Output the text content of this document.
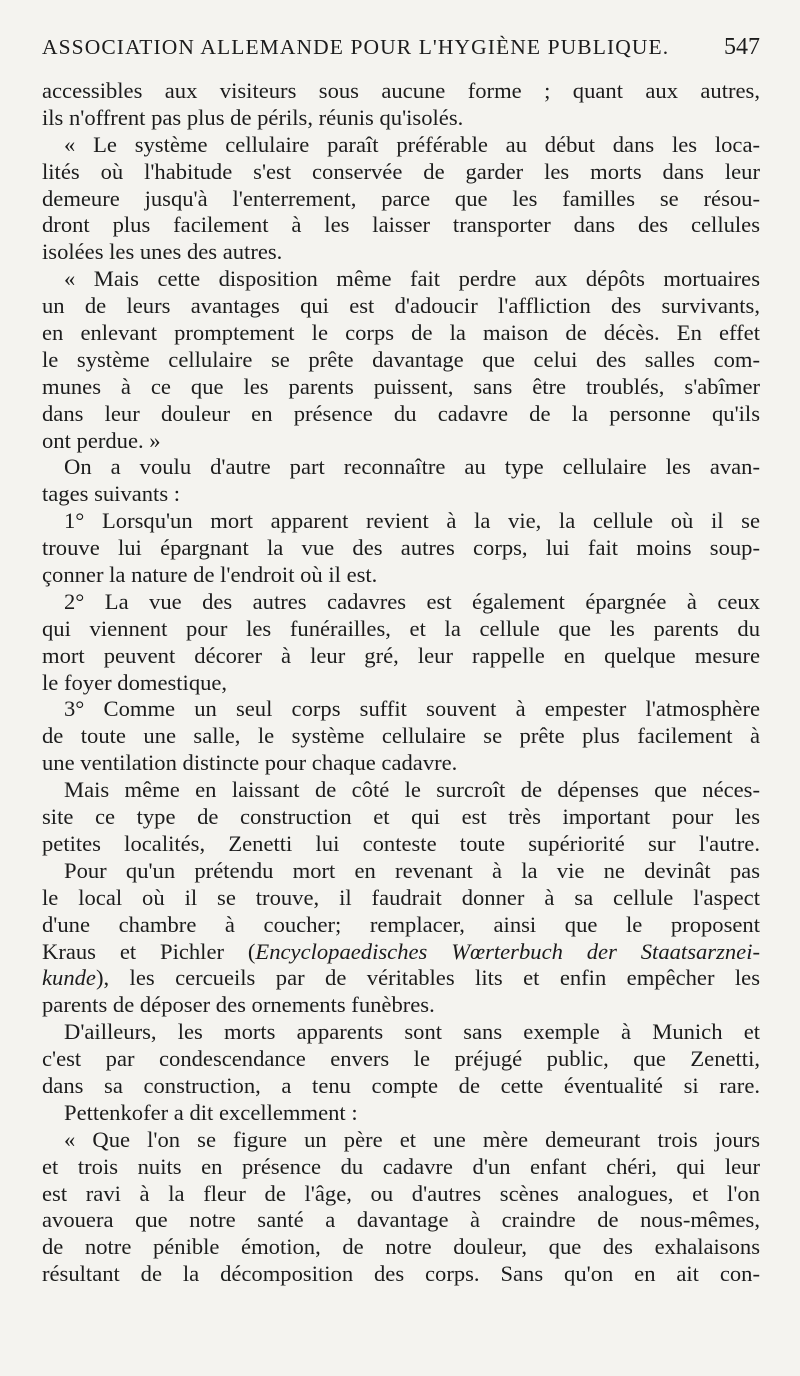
ASSOCIATION ALLEMANDE POUR L'HYGIÈNE PUBLIQUE. 547
accessibles aux visiteurs sous aucune forme ; quant aux autres,
ils n'offrent pas plus de périls, réunis qu'isolés.
« Le système cellulaire paraît préférable au début dans les loca-
lités où l'habitude s'est conservée de garder les morts dans leur
demeure jusqu'à l'enterrement, parce que les familles se résou-
dront plus facilement à les laisser transporter dans des cellules
isolées les unes des autres.
« Mais cette disposition même fait perdre aux dépôts mortuaires
un de leurs avantages qui est d'adoucir l'affliction des survivants,
en enlevant promptement le corps de la maison de décès. En effet
le système cellulaire se prête davantage que celui des salles com-
munes à ce que les parents puissent, sans être troublés, s'abîmer
dans leur douleur en présence du cadavre de la personne qu'ils
ont perdue. »
On a voulu d'autre part reconnaître au type cellulaire les avan-
tages suivants :
1° Lorsqu'un mort apparent revient à la vie, la cellule où il se
trouve lui épargnant la vue des autres corps, lui fait moins soup-
çonner la nature de l'endroit où il est.
2° La vue des autres cadavres est également épargnée à ceux
qui viennent pour les funérailles, et la cellule que les parents du
mort peuvent décorer à leur gré, leur rappelle en quelque mesure
le foyer domestique,
3° Comme un seul corps suffit souvent à empester l'atmosphère
de toute une salle, le système cellulaire se prête plus facilement à
une ventilation distincte pour chaque cadavre.
Mais même en laissant de côté le surcroît de dépenses que néces-
site ce type de construction et qui est très important pour les
petites localités, Zenetti lui conteste toute supériorité sur l'autre.
Pour qu'un prétendu mort en revenant à la vie ne devinât pas
le local où il se trouve, il faudrait donner à sa cellule l'aspect
d'une chambre à coucher; remplacer, ainsi que le proposent
Kraus et Pichler (Encyclopaedisches Wœrterbuch der Staatsarznei-
kunde), les cercueils par de véritables lits et enfin empêcher les
parents de déposer des ornements funèbres.
D'ailleurs, les morts apparents sont sans exemple à Munich et
c'est par condescendance envers le préjugé public, que Zenetti,
dans sa construction, a tenu compte de cette éventualité si rare.
Pettenkofer a dit excellemment :
« Que l'on se figure un père et une mère demeurant trois jours
et trois nuits en présence du cadavre d'un enfant chéri, qui leur
est ravi à la fleur de l'âge, ou d'autres scènes analogues, et l'on
avouera que notre santé a davantage à craindre de nous-mêmes,
de notre pénible émotion, de notre douleur, que des exhalaisons
résultant de la décomposition des corps. Sans qu'on en ait con-
